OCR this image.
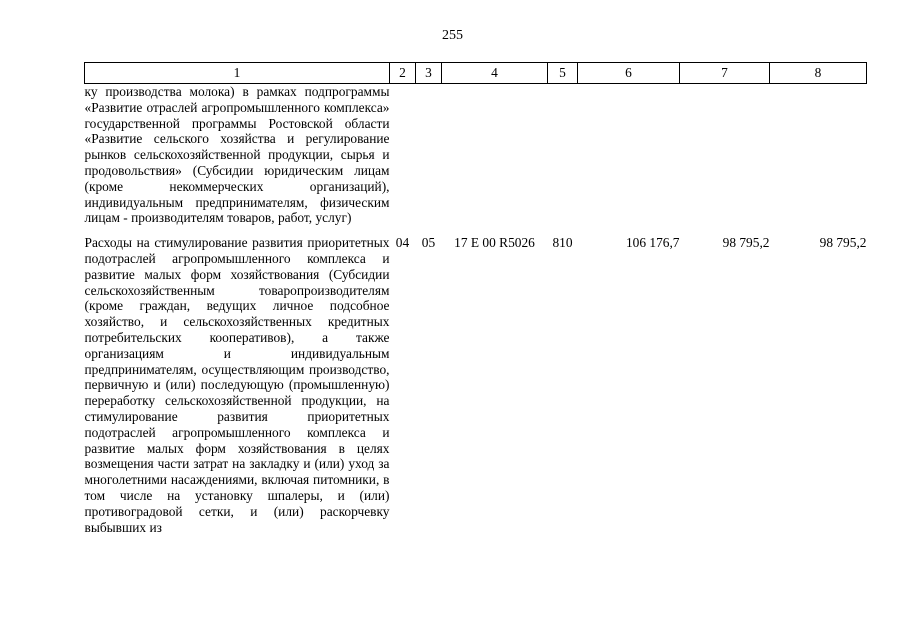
255
1	2	3	4	5	6	7	8
ку производства молока) в рамках подпрограммы «Развитие отраслей агропромышленного комплекса» государственной программы Ростовской области «Развитие сельского хозяйства и регулирование рынков сельскохозяйственной продукции, сырья и продовольствия» (Субсидии юридическим лицам (кроме некоммерческих организаций), индивидуальным предпринимателям, физическим лицам - производителям товаров, работ, услуг)							
Расходы на стимулирование развития приоритетных подотраслей агропромышленного комплекса и развитие малых форм хозяйствования (Субсидии сельскохозяйственным товаропроизводителям (кроме граждан, ведущих личное подсобное хозяйство, и сельскохозяйственных кредитных потребительских кооперативов), а также организациям и индивидуальным предпринимателям, осуществляющим производство, первичную и (или) последующую (промышленную) переработку сельскохозяйственной продукции, на стимулирование развития приоритетных подотраслей агропромышленного комплекса и развитие малых форм хозяйствования в целях возмещения части затрат на закладку и (или) уход за многолетними насаждениями, включая питомники, в том числе на установку шпалеры, и (или) противоградовой сетки, и (или) раскорчевку выбывших из	04	05	17 Е 00 R5026	810	106 176,7	98 795,2	98 795,2
